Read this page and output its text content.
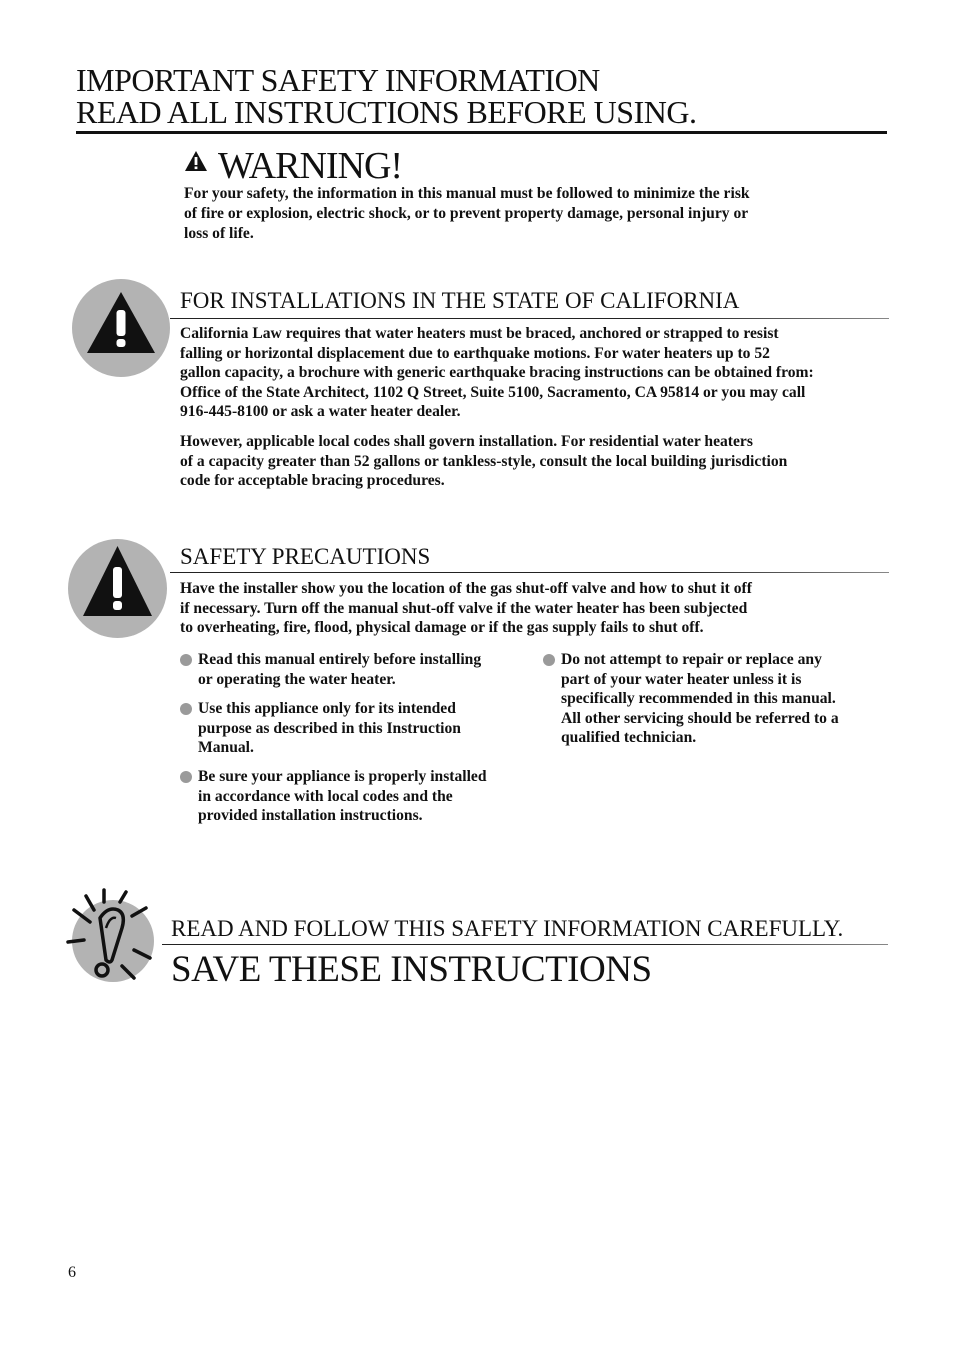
IMPORTANT SAFETY INFORMATION
READ ALL INSTRUCTIONS BEFORE USING.
WARNING!
For your safety, the information in this manual must be followed to minimize the risk
of fire or explosion, electric shock, or to prevent property damage, personal injury or
loss of life.
FOR INSTALLATIONS IN THE STATE OF CALIFORNIA
California Law requires that water heaters must be braced, anchored or strapped to resist
falling or horizontal displacement due to earthquake motions. For water heaters up to 52
gallon capacity, a brochure with generic earthquake bracing instructions can be obtained from:
Office of the State Architect, 1102 Q Street, Suite 5100, Sacramento, CA 95814 or you may call
916-445-8100 or ask a water heater dealer.
However, applicable local codes shall govern installation. For residential water heaters
of a capacity greater than 52 gallons or tankless-style, consult the local building jurisdiction
code for acceptable bracing procedures.
SAFETY PRECAUTIONS
Have the installer show you the location of the gas shut-off valve and how to shut it off
if necessary. Turn off the manual shut-off valve if the water heater has been subjected
to overheating, fire, flood, physical damage or if the gas supply fails to shut off.
Read this manual entirely before installing
or operating the water heater.
Use this appliance only for its intended
purpose as described in this Instruction
Manual.
Be sure your appliance is properly installed
in accordance with local codes and the
provided installation instructions.
Do not attempt to repair or replace any
part of your water heater unless it is
specifically recommended in this manual.
All other servicing should be referred to a
qualified technician.
READ AND FOLLOW THIS SAFETY INFORMATION CAREFULLY.
SAVE THESE INSTRUCTIONS
6
